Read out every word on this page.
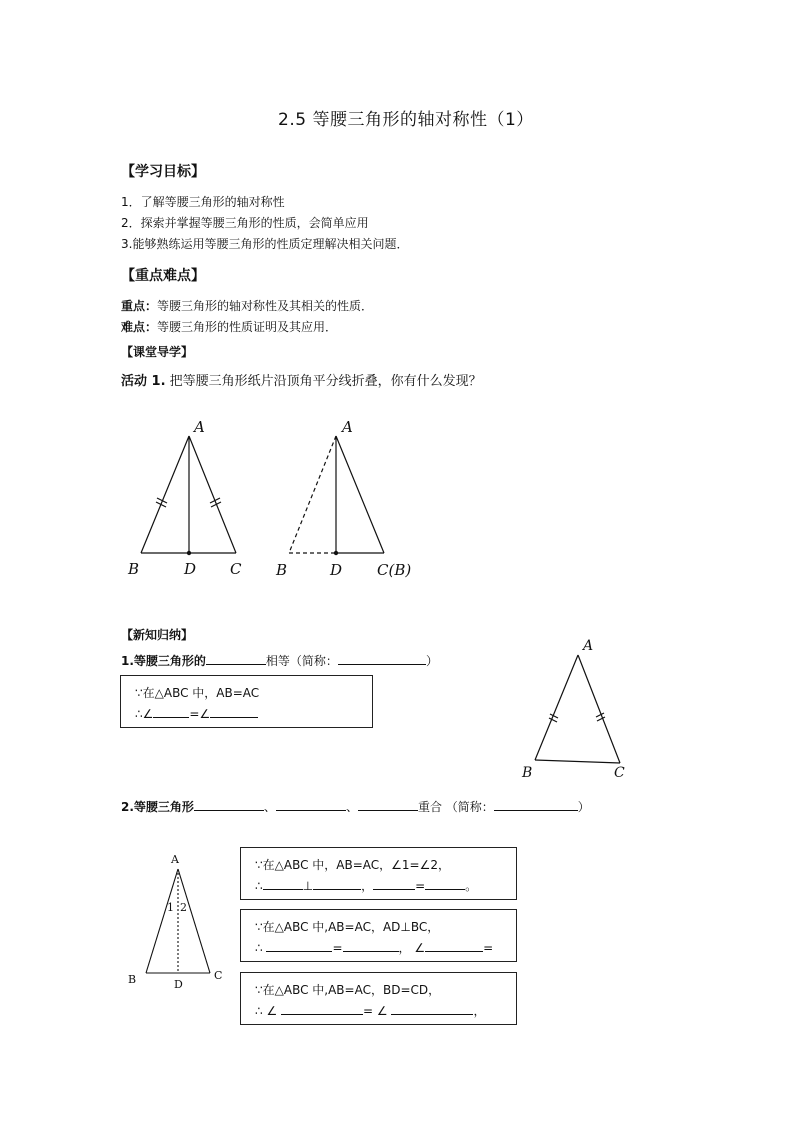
2.5 等腰三角形的轴对称性（1）
【学习目标】
1．了解等腰三角形的轴对称性
2．探索并掌握等腰三角形的性质，会简单应用
3.能够熟练运用等腰三角形的性质定理解决相关问题．
【重点难点】
重点：等腰三角形的轴对称性及其相关的性质．
难点：等腰三角形的性质证明及其应用．
【课堂导学】
活动 1. 把等腰三角形纸片沿顶角平分线折叠，你有什么发现？
A
B	D C
A
B	D C(B)
【新知归纳】
1.等腰三角形的	相等（简称：	）
∵在△ABC 中，AB=AC
∴∠	=∠
A
B	C
2.等腰三角形	、	、	重合 （简称：	）
A
1 2
B	D
C
∵在△ABC 中，AB=AC，∠1=∠2，
∴	⊥	，	=	。
∵在△ABC 中,AB=AC，AD⊥BC，
∴	=	， ∠	=
∵在△ABC 中,AB=AC，BD=CD，
∴ ∠	= ∠	，
